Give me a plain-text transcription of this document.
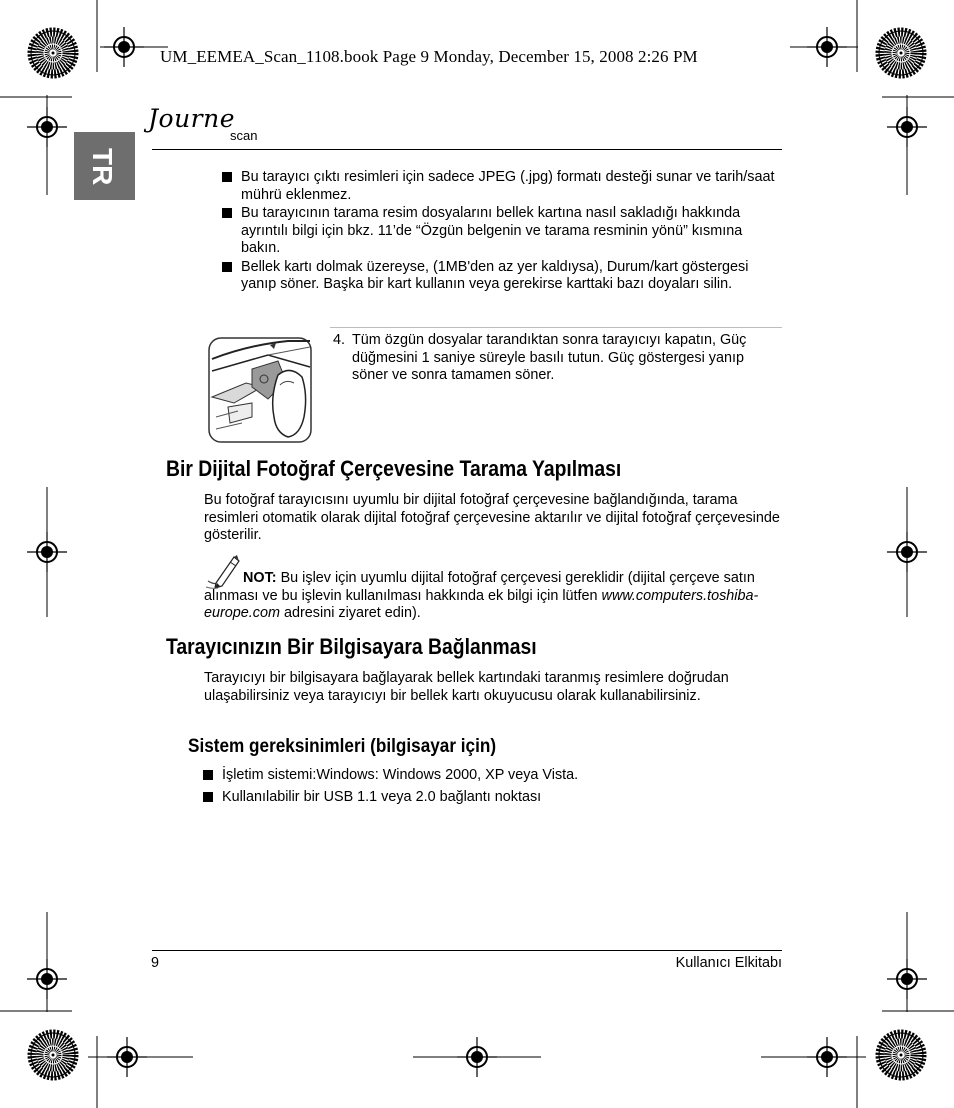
UM_EEMEA_Scan_1108.book Page 9 Monday, December 15, 2008 2:26 PM
Journe
scan
TR	Bu tarayıcı çıktı resimleri için sadece JPEG (.jpg) formatı desteği sunar ve tarih/saat mührü eklenmez.
Bu tarayıcının tarama resim dosyalarını bellek kartına nasıl sakladığı hakkında ayrıntılı bilgi için bkz. 11’de “Özgün belgenin ve tarama resminin yönü” kısmına bakın.
Bellek kartı dolmak üzereyse, (1MB'den az yer kaldıysa), Durum/kart göstergesi yanıp söner. Başka bir kart kullanın veya gerekirse karttaki bazı doyaları silin.
4. Tüm özgün dosyalar tarandıktan sonra tarayıcıyı kapatın, Güç düğmesini 1 saniye süreyle basılı tutun. Güç göstergesi yanıp söner ve sonra tamamen söner.
Bir Dijital Fotoğraf Çerçevesine Tarama Yapılması
Bu fotoğraf tarayıcısını uyumlu bir dijital fotoğraf çerçevesine bağlandığında, tarama resimleri otomatik olarak dijital fotoğraf çerçevesine aktarılır ve dijital fotoğraf çerçevesinde gösterilir.
NOT: Bu işlev için uyumlu dijital fotoğraf çerçevesi gereklidir (dijital çerçeve satın alınması ve bu işlevin kullanılması hakkında ek bilgi için lütfen www.computers.toshiba-europe.com adresini ziyaret edin).
Tarayıcınızın Bir Bilgisayara Bağlanması
Tarayıcıyı bir bilgisayara bağlayarak bellek kartındaki taranmış resimlere doğrudan ulaşabilirsiniz veya tarayıcıyı bir bellek kartı okuyucusu olarak kullanabilirsiniz.
Sistem gereksinimleri (bilgisayar için)
İşletim sistemi:Windows: Windows 2000, XP veya Vista.
Kullanılabilir bir USB 1.1 veya 2.0 bağlantı noktası
9	Kullanıcı Elkitabı
